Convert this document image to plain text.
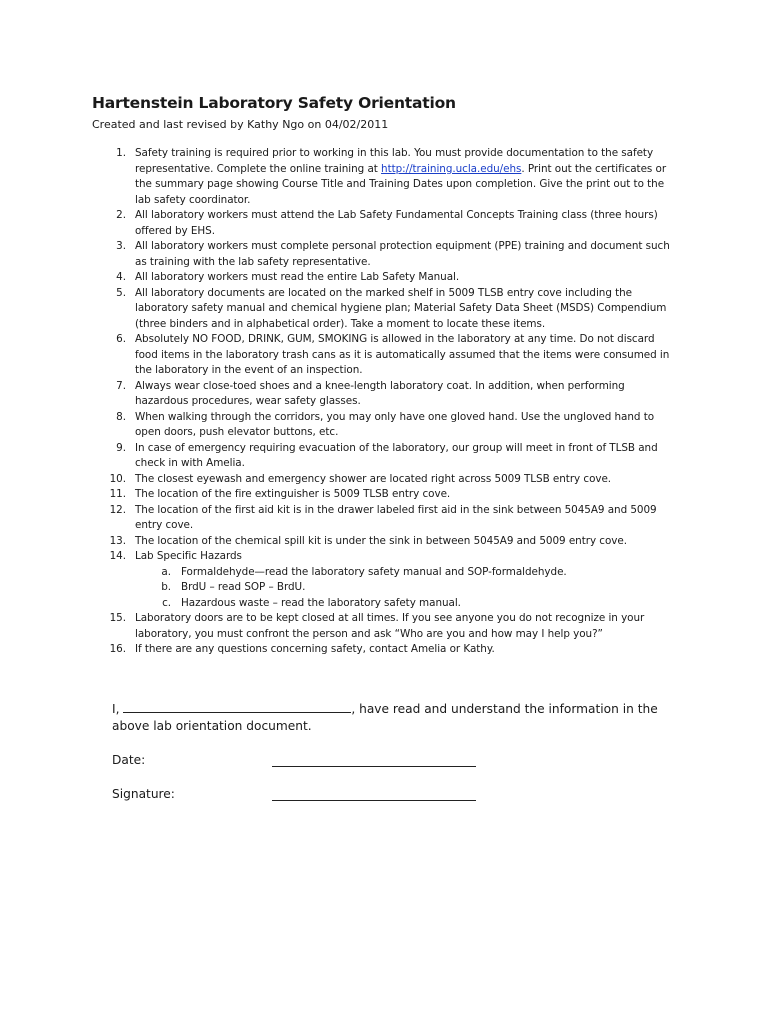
Hartenstein Laboratory Safety Orientation

Created and last revised by Kathy Ngo on 04/02/2011

1. Safety training is required prior to working in this lab. You must provide documentation to the safety representative. Complete the online training at http://training.ucla.edu/ehs. Print out the certificates or the summary page showing Course Title and Training Dates upon completion. Give the print out to the lab safety coordinator.
2. All laboratory workers must attend the Lab Safety Fundamental Concepts Training class (three hours) offered by EHS.
3. All laboratory workers must complete personal protection equipment (PPE) training and document such as training with the lab safety representative.
4. All laboratory workers must read the entire Lab Safety Manual.
5. All laboratory documents are located on the marked shelf in 5009 TLSB entry cove including the laboratory safety manual and chemical hygiene plan; Material Safety Data Sheet (MSDS) Compendium (three binders and in alphabetical order). Take a moment to locate these items.
6. Absolutely NO FOOD, DRINK, GUM, SMOKING is allowed in the laboratory at any time. Do not discard food items in the laboratory trash cans as it is automatically assumed that the items were consumed in the laboratory in the event of an inspection.
7. Always wear close-toed shoes and a knee-length laboratory coat. In addition, when performing hazardous procedures, wear safety glasses.
8. When walking through the corridors, you may only have one gloved hand. Use the ungloved hand to open doors, push elevator buttons, etc.
9. In case of emergency requiring evacuation of the laboratory, our group will meet in front of TLSB and check in with Amelia.
10. The closest eyewash and emergency shower are located right across 5009 TLSB entry cove.
11. The location of the fire extinguisher is 5009 TLSB entry cove.
12. The location of the first aid kit is in the drawer labeled first aid in the sink between 5045A9 and 5009 entry cove.
13. The location of the chemical spill kit is under the sink in between 5045A9 and 5009 entry cove.
14. Lab Specific Hazards
a. Formaldehyde—read the laboratory safety manual and SOP-formaldehyde.
b. BrdU – read SOP – BrdU.
c. Hazardous waste – read the laboratory safety manual.
15. Laboratory doors are to be kept closed at all times. If you see anyone you do not recognize in your laboratory, you must confront the person and ask “Who are you and how may I help you?”
16. If there are any questions concerning safety, contact Amelia or Kathy.
I,	, have read and understand the information in the above lab orientation document.
Date:
Signature:
